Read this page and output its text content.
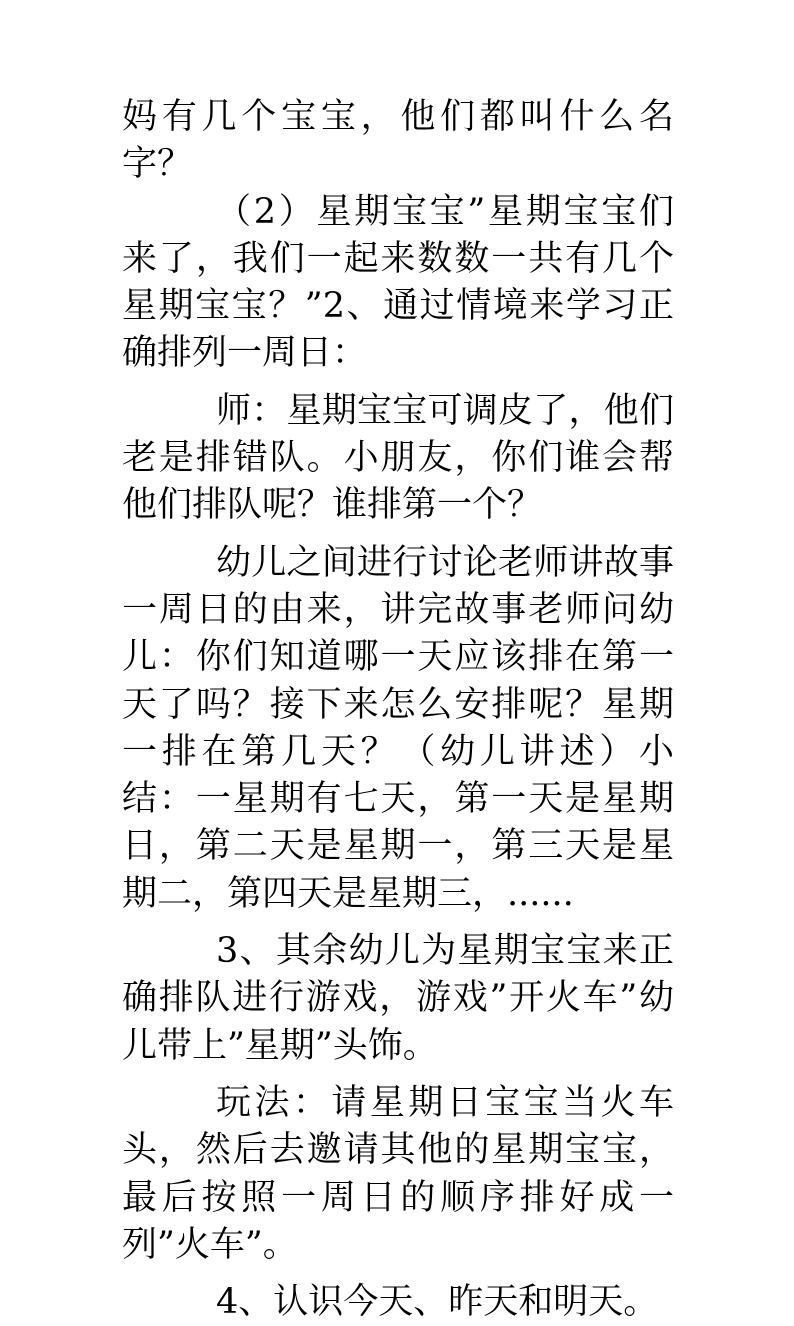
妈有几个宝宝，他们都叫什么名字？

（2）星期宝宝”星期宝宝们来了，我们一起来数数一共有几个星期宝宝？”2、通过情境来学习正确排列一周日：

师：星期宝宝可调皮了，他们老是排错队。小朋友，你们谁会帮他们排队呢？谁排第一个？

幼儿之间进行讨论老师讲故事一周日的由来，讲完故事老师问幼儿：你们知道哪一天应该排在第一天了吗？接下来怎么安排呢？星期一排在第几天？（幼儿讲述）小结：一星期有七天，第一天是星期日，第二天是星期一，第三天是星期二，第四天是星期三，......

3、其余幼儿为星期宝宝来正确排队进行游戏，游戏”开火车”幼儿带上”星期”头饰。

玩法：请星期日宝宝当火车头，然后去邀请其他的星期宝宝，最后按照一周日的顺序排好成一列”火车”。

4、认识今天、昨天和明天。
